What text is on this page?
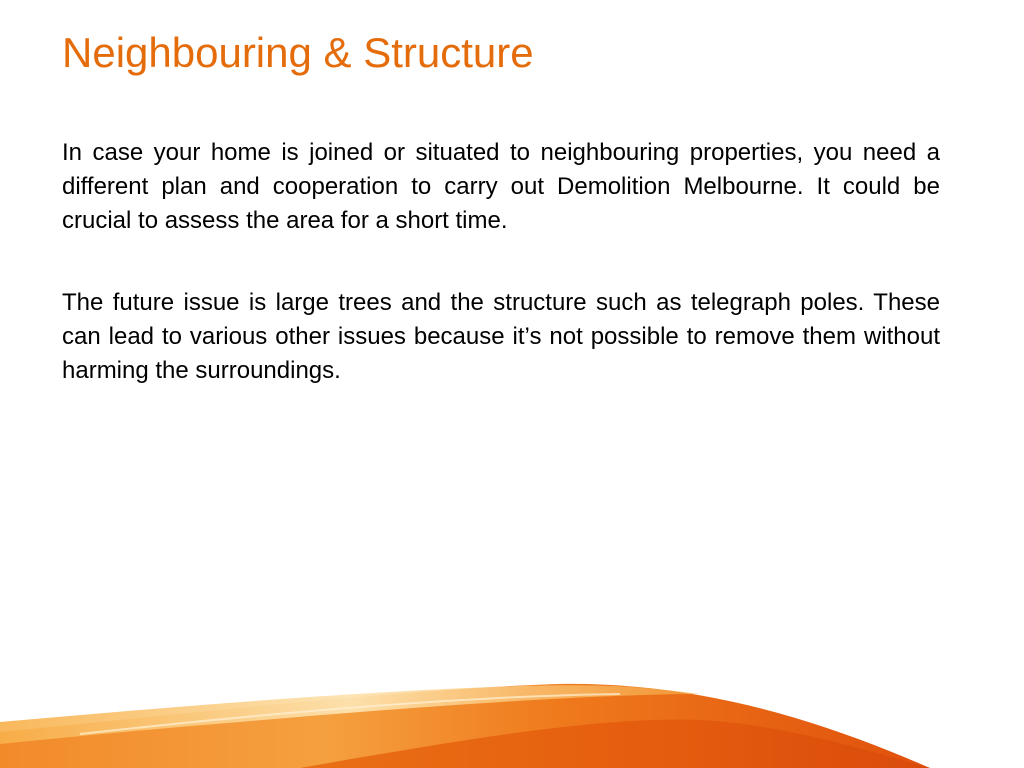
Neighbouring & Structure

In case your home is joined or situated to neighbouring properties, you need a different plan and cooperation to carry out Demolition Melbourne. It could be crucial to assess the area for a short time.

The future issue is large trees and the structure such as telegraph poles. These can lead to various other issues because it’s not possible to remove them without harming the surroundings.
